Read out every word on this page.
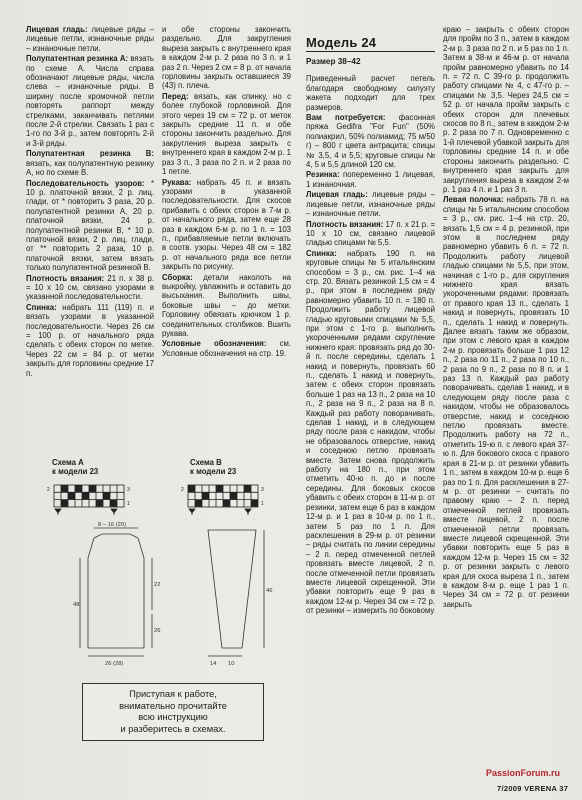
Лицевая гладь: лицевые ряды – лицевые петли, изнаночные ряды – изнаночные петли.
Полупатентная резинка А: вязать по схеме А. Числа справа обозначают лицевые ряды, числа слева – изнаночные ряды. В ширину после кромочной петли повторять раппорт между стрелками, заканчивать петлями после 2-й стрелки. Связать 1 раз с 1-го по 3-й р., затем повторять 2-й и 3-й ряды.
Полупатентная резинка В: вязать, как полупатентную резинку А, но по схеме В.
Последовательность узоров: * 10 р. платочной вязки, 2 р. лиц. глади, от * повторить 3 раза, 20 р. полупатентной резинки А, 20 р. платочной вязки, 24 р. полупатентной резинки В, * 10 р. платочной вязки, 2 р. лиц. глади, от ** повторить 2 раза, 10 р. платочной вязки, затем вязать только полупатентной резинкой В.
Плотность вязания: 21 п. х 38 р. = 10 х 10 см, связано узорами в указанной последовательности.
Спинка: набрать 111 (119) п. и вязать узорами в указанной последовательности. Через 26 см = 100 р. от начального ряда сделать с обеих сторон по метке. Через 22 см = 84 р. от метки закрыть для горловины средние 17 п.
и обе стороны закончить раздельно. Для закругления выреза закрыть с внутреннего края в каждом 2-м р. 2 раза по 3 п. и 1 раз 2 п. Через 2 см = 8 р. от начала горловины закрыть оставшиеся 39 (43) п. плеча.
Перед: вязать, как спинку, но с более глубокой горловиной. Для этого через 19 см = 72 р. от меток закрыть средние 11 п. и обе стороны закончить раздельно. Для закругления выреза закрыть с внутреннего края в каждом 2-м р. 1 раз 3 п., 3 раза по 2 п. и 2 раза по 1 петле.
Рукава: набрать 45 п. и вязать узорами в указанной последовательности. Для скосов прибавить с обеих сторон в 7-м р. от начального ряда, затем еще 28 раз в каждом 6-м р. по 1 п. = 103 п., прибавляемые петли включать в соотв. узоры. Через 48 см = 182 р. от начального ряда все петли закрыть по рисунку.
Сборка: детали наколоть на выкройку, увлажнить и оставить до высыхания. Выполнить швы, боковые швы – до метки. Горловину обвязать крючком 1 р. соединительных столбиков. Вшить рукава.
Условные обозначения: см. Условные обозначения на стр. 19.
Модель 24
Размер 38–42
Приведенный расчет петель благодаря свободному силуэту жакета подходит для трех размеров.
Вам потребуется: фасонная пряжа Gedifra "For Fun" (50% полиакрил, 50% полиамид; 75 м/50 г) – 800 г цвета антрацита; спицы № 3,5, 4 и 5,5; круговые спицы № 4, 5 и 5,5 длиной 120 см.
Резинка: попеременно 1 лицевая, 1 изнаночная.
Лицевая гладь: лицевые ряды – лицевые петли, изнаночные ряды – изнаночные петли.
Плотность вязания: 17 п. х 21 р. = 10 х 10 см, связано лицевой гладью спицами № 5,5.
Спинка: набрать 190 п. на круговые спицы № 5 итальянским способом = 3 р., см. рис. 1–4 на стр. 20. Вязать резинкой 1,5 см = 4 р., при этом в последнем ряду равномерно убавить 10 п. = 180 п. Продолжить работу лицевой гладью круговыми спицами № 5,5, при этом с 1-го р. выполнить укороченными рядами скругление нижнего края: провязать ряд до 30-й п. после середины, сделать 1 накид и повернуть, провязать 60 п., сделать 1 накид и повернуть, затем с обеих сторон провязать больше 1 раз на 13 п., 2 раза на 10 п., 2 раза на 9 п., 2 раза на 8 п. Каждый раз работу поворачивать, сделав 1 накид, и в следующем ряду после раза с накидом, чтобы не образовалось отверстие, накид и соседнюю петлю провязать вместе. Затем снова продолжить работу на 180 п., при этом отметить 40-ю п. до и после середины. Для боковых скосов убавить с обеих сторон в 11-м р. от резинки, затем еще 6 раз в каждом 12-м р. и 1 раз в 10-м р. по 1 п., затем 5 раз по 1 п. Для расклешения в 29-м р. от резинки – ряды считать по линии середины – 2 п. перед отмеченной петлей провязать вместе лицевой, 2 п. после отмеченной петли провязать вместе лицевой скрещенной. Эти убавки повторить еще 9 раз в каждом 12-м р. Через 34 см = 72 р. от резинки – измерить по боковому
краю – закрыть с обеих сторон для пройм по 3 п., затем в каждом 2-м р. 3 раза по 2 п. и 5 раз по 1 п. Затем в 38-м и 46-м р. от начала пройм равномерно убавить по 14 п. = 72 п. С 39-го р. продолжить работу спицами № 4, с 47-го р. – спицами № 3,5. Через 24,5 см = 52 р. от начала пройм закрыть с обеих сторон для плечевых скосов по 8 п., затем в каждом 2-м р. 2 раза по 7 п. Одновременно с 1-й плечевой убавкой закрыть для горловины средние 14 п. и обе стороны закончить раздельно. С внутреннего края закрыть для закругления выреза в каждом 2-м р. 1 раз 4 п. и 1 раз 3 п.
Левая полочка: набрать 78 п. на спицы № 5 итальянским способом = 3 р., см. рис. 1–4 на стр. 20, вязать 1,5 см = 4 р. резинкой, при этом в последнем ряду равномерно убавить 6 п. = 72 п. Продолжить работу лицевой гладью спицами № 5,5, при этом, начиная с 1-го р., для скругления нижнего края вязать укороченными рядами: провязать от правого края 13 п., сделать 1 накид и повернуть, провязать 10 п., сделать 1 накид и повернуть. Далее вязать таким же образом, при этом с левого края в каждом 2-м р. провязать больше 1 раз 12 п., 2 раза по 11 п., 2 раза по 10 п., 2 раза по 9 п., 2 раза по 8 п. и 1 раз 13 п. Каждый раз работу поворачивать, сделав 1 накид, и в следующем ряду после раза с накидом, чтобы не образовалось отверстие, накид и соседнюю петлю провязать вместе. Продолжить работу на 72 п., отметить 19-ю п. с левого края 37-ю п. Для бокового скоса с правого края в 21-м р. от резинки убавить 1 п., затем в каждом 10-м р. еще 6 раз по 1 п. Для расклешения в 27-м р. от резинки – считать по правому краю – 2 п. перед отмеченной петлей провязать вместе лицевой, 2 п. после отмеченной петли провязать вместе лицевой скрещенной. Эти убавки повторить еще 5 раз в каждом 12-м р. Через 15 см = 32 р. от резинки закрыть с левого края для скоса выреза 1 п., затем в каждом 8-м р. еще 1 раз 1 п. Через 34 см = 72 р. от резинки закрыть
Схема А
к модели 23
Схема В
к модели 23
2	3
1
2	3
1
8 – 16 (20)
48
22
26
26 (28)
46
14 10
Приступая к работе,
внимательно прочитайте
всю инструкцию
и разберитесь в схемах.
PassionForum.ru
7/2009 VERENA 37
